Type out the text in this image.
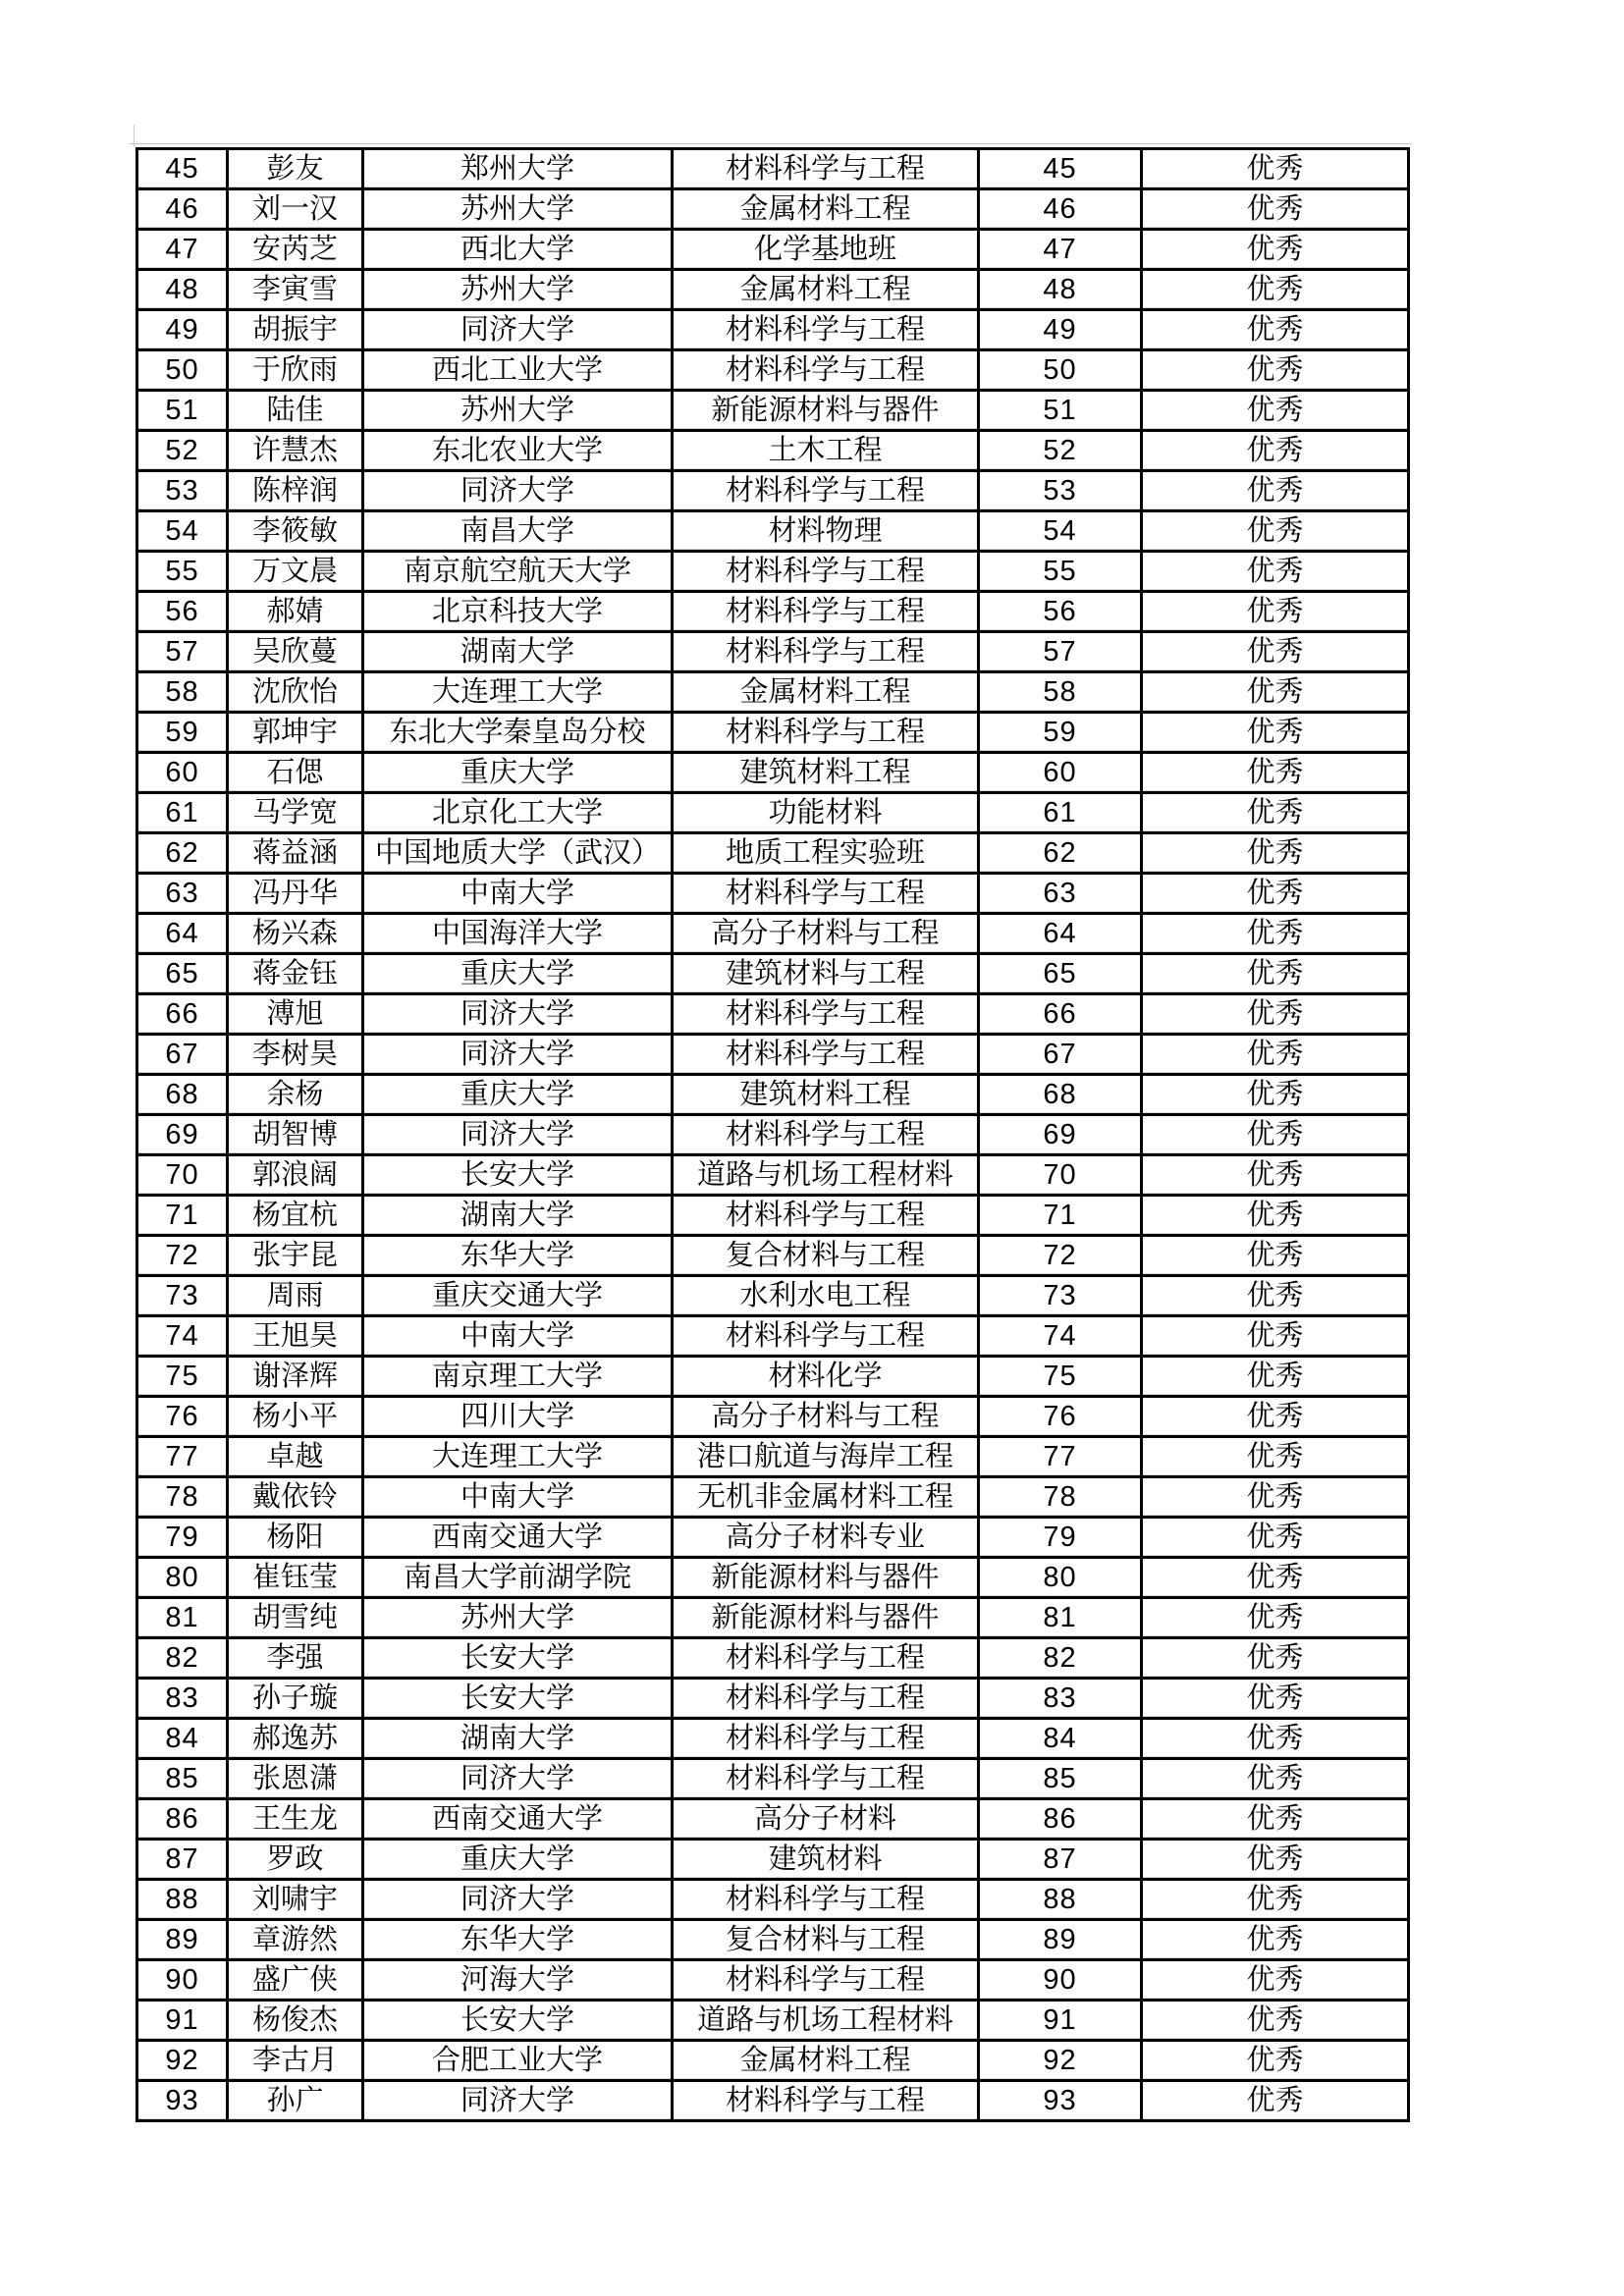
45	彭友	郑州大学	材料科学与工程	45	优秀
46	刘一汉	苏州大学	金属材料工程	46	优秀
47	安芮芝	西北大学	化学基地班	47	优秀
48	李寅雪	苏州大学	金属材料工程	48	优秀
49	胡振宇	同济大学	材料科学与工程	49	优秀
50	于欣雨	西北工业大学	材料科学与工程	50	优秀
51	陆佳	苏州大学	新能源材料与器件	51	优秀
52	许慧杰	东北农业大学	土木工程	52	优秀
53	陈梓润	同济大学	材料科学与工程	53	优秀
54	李筱敏	南昌大学	材料物理	54	优秀
55	万文晨	南京航空航天大学	材料科学与工程	55	优秀
56	郝婧	北京科技大学	材料科学与工程	56	优秀
57	吴欣蔓	湖南大学	材料科学与工程	57	优秀
58	沈欣怡	大连理工大学	金属材料工程	58	优秀
59	郭坤宇	东北大学秦皇岛分校	材料科学与工程	59	优秀
60	石偲	重庆大学	建筑材料工程	60	优秀
61	马学宽	北京化工大学	功能材料	61	优秀
62	蒋益涵	中国地质大学（武汉）	地质工程实验班	62	优秀
63	冯丹华	中南大学	材料科学与工程	63	优秀
64	杨兴森	中国海洋大学	高分子材料与工程	64	优秀
65	蒋金钰	重庆大学	建筑材料与工程	65	优秀
66	溥旭	同济大学	材料科学与工程	66	优秀
67	李树昊	同济大学	材料科学与工程	67	优秀
68	余杨	重庆大学	建筑材料工程	68	优秀
69	胡智博	同济大学	材料科学与工程	69	优秀
70	郭浪阔	长安大学	道路与机场工程材料	70	优秀
71	杨宜杭	湖南大学	材料科学与工程	71	优秀
72	张宇昆	东华大学	复合材料与工程	72	优秀
73	周雨	重庆交通大学	水利水电工程	73	优秀
74	王旭昊	中南大学	材料科学与工程	74	优秀
75	谢泽辉	南京理工大学	材料化学	75	优秀
76	杨小平	四川大学	高分子材料与工程	76	优秀
77	卓越	大连理工大学	港口航道与海岸工程	77	优秀
78	戴依铃	中南大学	无机非金属材料工程	78	优秀
79	杨阳	西南交通大学	高分子材料专业	79	优秀
80	崔钰莹	南昌大学前湖学院	新能源材料与器件	80	优秀
81	胡雪纯	苏州大学	新能源材料与器件	81	优秀
82	李强	长安大学	材料科学与工程	82	优秀
83	孙子璇	长安大学	材料科学与工程	83	优秀
84	郝逸苏	湖南大学	材料科学与工程	84	优秀
85	张恩潇	同济大学	材料科学与工程	85	优秀
86	王生龙	西南交通大学	高分子材料	86	优秀
87	罗政	重庆大学	建筑材料	87	优秀
88	刘啸宇	同济大学	材料科学与工程	88	优秀
89	章游然	东华大学	复合材料与工程	89	优秀
90	盛广侠	河海大学	材料科学与工程	90	优秀
91	杨俊杰	长安大学	道路与机场工程材料	91	优秀
92	李古月	合肥工业大学	金属材料工程	92	优秀
93	孙广	同济大学	材料科学与工程	93	优秀
